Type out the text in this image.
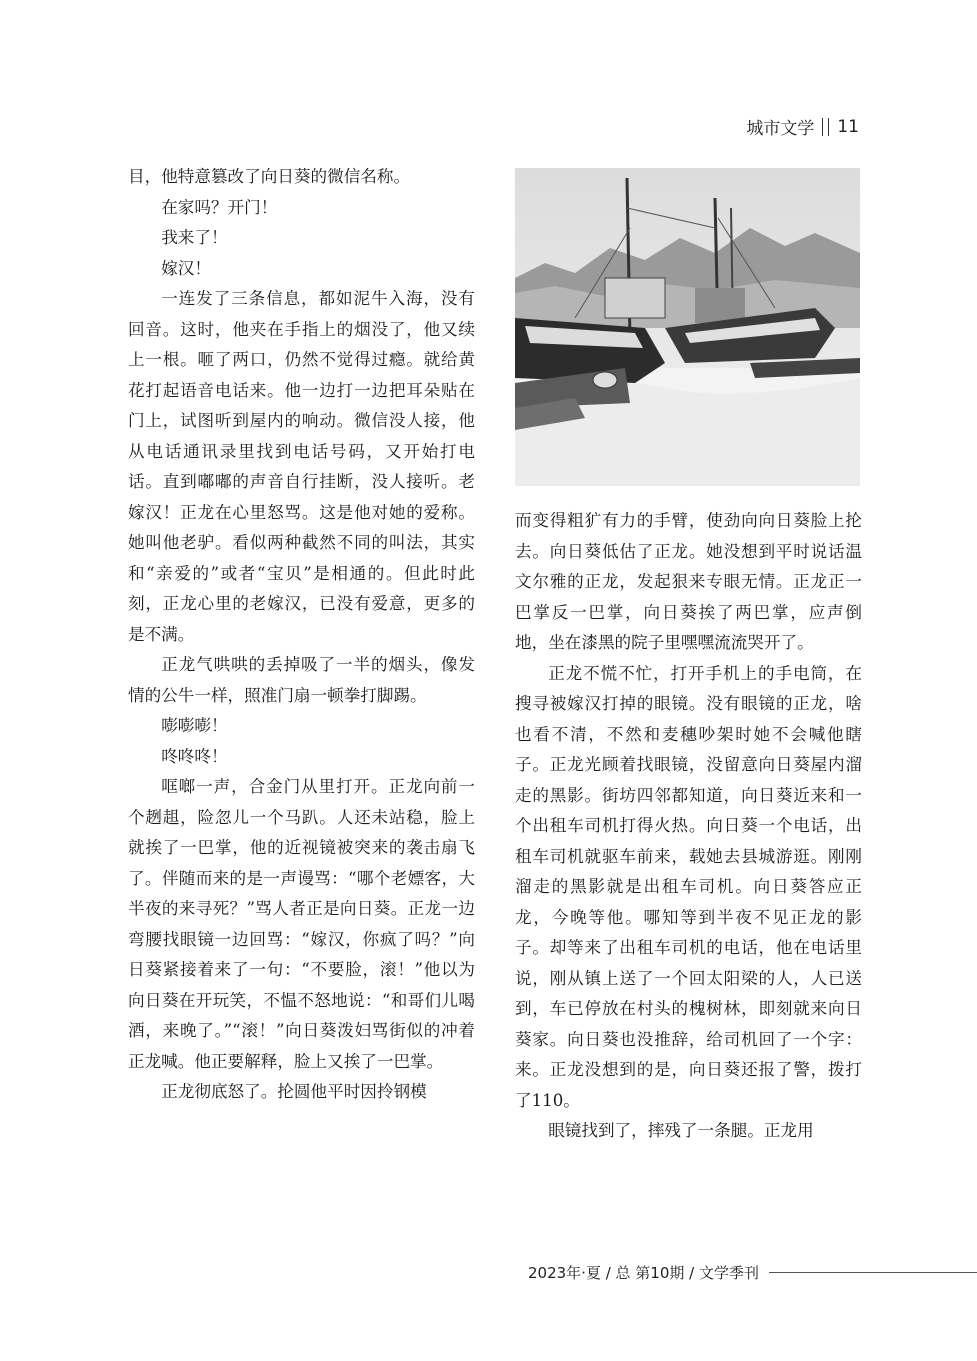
城市文学 11

目，他特意篡改了向日葵的微信名称。

在家吗？开门！

我来了！

嫁汉！

一连发了三条信息，都如泥牛入海，没有回音。这时，他夹在手指上的烟没了，他又续上一根。咂了两口，仍然不觉得过瘾。就给黄花打起语音电话来。他一边打一边把耳朵贴在门上，试图听到屋内的响动。微信没人接，他从电话通讯录里找到电话号码，又开始打电话。直到嘟嘟的声音自行挂断，没人接听。老嫁汉！正龙在心里怒骂。这是他对她的爱称。她叫他老驴。看似两种截然不同的叫法，其实和“亲爱的”或者“宝贝”是相通的。但此时此刻，正龙心里的老嫁汉，已没有爱意，更多的是不满。

正龙气哄哄的丢掉吸了一半的烟头，像发情的公牛一样，照准门扇一顿拳打脚踢。

嘭嘭嘭！

咚咚咚！

哐啷一声，合金门从里打开。正龙向前一个趔趄，险忽儿一个马趴。人还未站稳，脸上就挨了一巴掌，他的近视镜被突来的袭击扇飞了。伴随而来的是一声谩骂：“哪个老嫖客，大半夜的来寻死？”骂人者正是向日葵。正龙一边弯腰找眼镜一边回骂：“嫁汉，你疯了吗？”向日葵紧接着来了一句：“不要脸，滚！”他以为向日葵在开玩笑，不愠不怒地说：“和哥们儿喝酒，来晚了。”“滚！”向日葵泼妇骂街似的冲着正龙喊。他正要解释，脸上又挨了一巴掌。

正龙彻底怒了。抡圆他平时因拎钢模

而变得粗犷有力的手臂，使劲向向日葵脸上抡去。向日葵低估了正龙。她没想到平时说话温文尔雅的正龙，发起狠来专眼无情。正龙正一巴掌反一巴掌，向日葵挨了两巴掌，应声倒地，坐在漆黑的院子里嘿嘿流流哭开了。

正龙不慌不忙，打开手机上的手电筒，在搜寻被嫁汉打掉的眼镜。没有眼镜的正龙，啥也看不清，不然和麦穗吵架时她不会喊他瞎子。正龙光顾着找眼镜，没留意向日葵屋内溜走的黑影。街坊四邻都知道，向日葵近来和一个出租车司机打得火热。向日葵一个电话，出租车司机就驱车前来，载她去县城游逛。刚刚溜走的黑影就是出租车司机。向日葵答应正龙，今晚等他。哪知等到半夜不见正龙的影子。却等来了出租车司机的电话，他在电话里说，刚从镇上送了一个回太阳梁的人，人已送到，车已停放在村头的槐树林，即刻就来向日葵家。向日葵也没推辞，给司机回了一个字：来。正龙没想到的是，向日葵还报了警，拨打了110。

眼镜找到了，摔残了一条腿。正龙用

2023年·夏 / 总 第10期 / 文学季刊
